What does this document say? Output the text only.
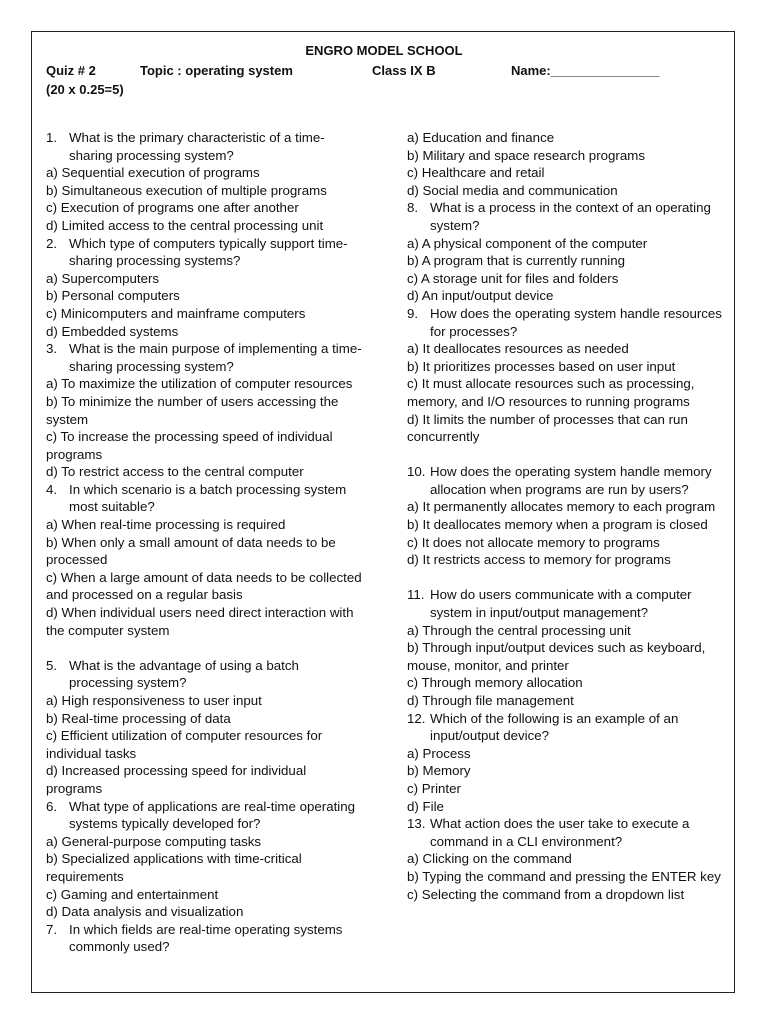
ENGRO MODEL SCHOOL
Quiz # 2	Topic : operating system	Class IX B	Name:_______________
(20 x 0.25=5)
1. What is the primary characteristic of a time-sharing processing system?
a) Sequential execution of programs
b) Simultaneous execution of multiple programs
c) Execution of programs one after another
d) Limited access to the central processing unit
2. Which type of computers typically support time-sharing processing systems?
a) Supercomputers
b) Personal computers
c) Minicomputers and mainframe computers
d) Embedded systems
3. What is the main purpose of implementing a time-sharing processing system?
a) To maximize the utilization of computer resources
b) To minimize the number of users accessing the system
c) To increase the processing speed of individual programs
d) To restrict access to the central computer
4. In which scenario is a batch processing system most suitable?
a) When real-time processing is required
b) When only a small amount of data needs to be processed
c) When a large amount of data needs to be collected and processed on a regular basis
d) When individual users need direct interaction with the computer system
5. What is the advantage of using a batch processing system?
a) High responsiveness to user input
b) Real-time processing of data
c) Efficient utilization of computer resources for individual tasks
d) Increased processing speed for individual programs
6. What type of applications are real-time operating systems typically developed for?
a) General-purpose computing tasks
b) Specialized applications with time-critical requirements
c) Gaming and entertainment
d) Data analysis and visualization
7. In which fields are real-time operating systems commonly used?
a) Education and finance
b) Military and space research programs
c) Healthcare and retail
d) Social media and communication
8. What is a process in the context of an operating system?
a) A physical component of the computer
b) A program that is currently running
c) A storage unit for files and folders
d) An input/output device
9. How does the operating system handle resources for processes?
a) It deallocates resources as needed
b) It prioritizes processes based on user input
c) It must allocate resources such as processing, memory, and I/O resources to running programs
d) It limits the number of processes that can run concurrently
10. How does the operating system handle memory allocation when programs are run by users?
a) It permanently allocates memory to each program
b) It deallocates memory when a program is closed
c) It does not allocate memory to programs
d) It restricts access to memory for programs
11. How do users communicate with a computer system in input/output management?
a) Through the central processing unit
b) Through input/output devices such as keyboard, mouse, monitor, and printer
c) Through memory allocation
d) Through file management
12. Which of the following is an example of an input/output device?
a) Process
b) Memory
c) Printer
d) File
13. What action does the user take to execute a command in a CLI environment?
a) Clicking on the command
b) Typing the command and pressing the ENTER key
c) Selecting the command from a dropdown list
